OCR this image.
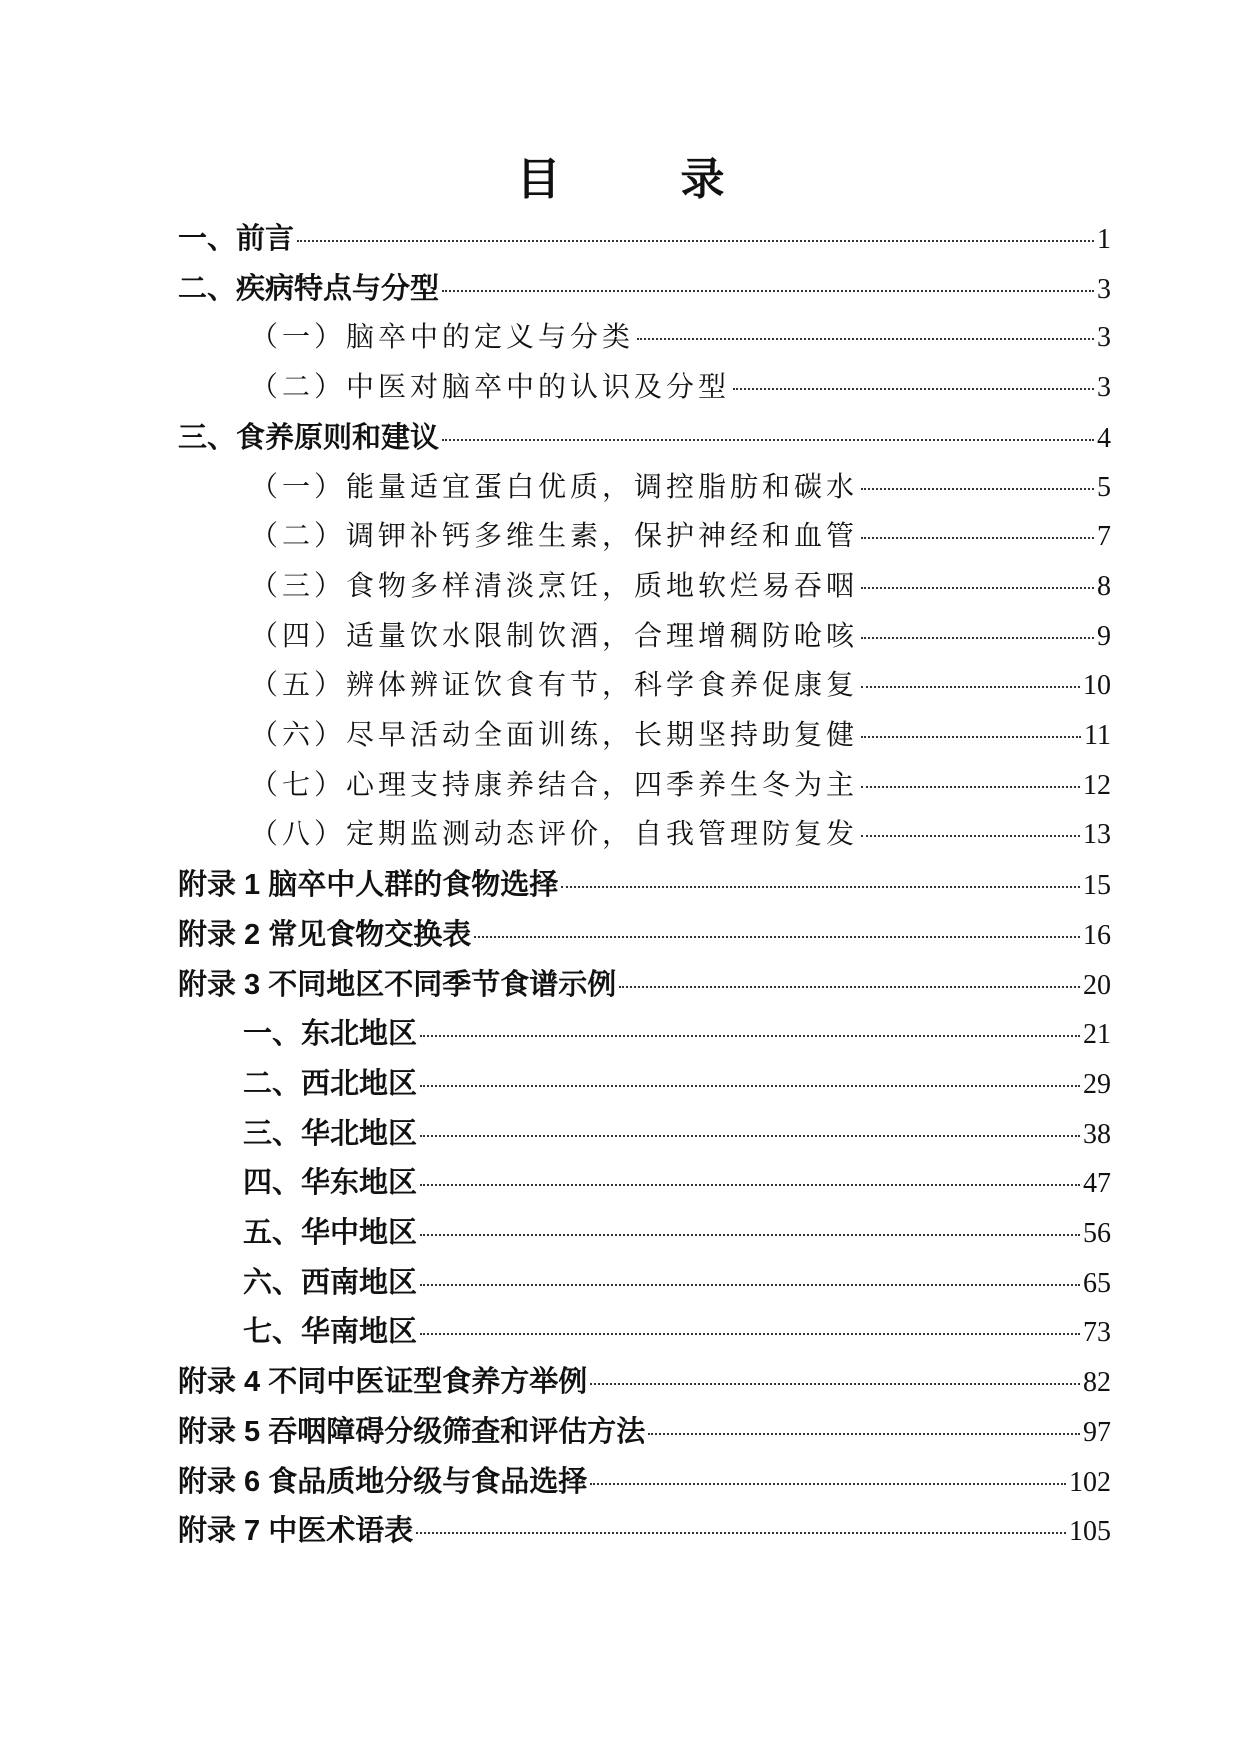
目　录
一、前言	1
二、疾病特点与分型	3
（一）脑卒中的定义与分类	3
（二）中医对脑卒中的认识及分型	3
三、食养原则和建议	4
（一）能量适宜蛋白优质，调控脂肪和碳水	5
（二）调钾补钙多维生素，保护神经和血管	7
（三）食物多样清淡烹饪，质地软烂易吞咽	8
（四）适量饮水限制饮酒，合理增稠防呛咳	9
（五）辨体辨证饮食有节，科学食养促康复	10
（六）尽早活动全面训练，长期坚持助复健	11
（七）心理支持康养结合，四季养生冬为主	12
（八）定期监测动态评价，自我管理防复发	13
附录 1 脑卒中人群的食物选择	15
附录 2 常见食物交换表	16
附录 3 不同地区不同季节食谱示例	20
一、东北地区	21
二、西北地区	29
三、华北地区	38
四、华东地区	47
五、华中地区	56
六、西南地区	65
七、华南地区	73
附录 4 不同中医证型食养方举例	82
附录 5 吞咽障碍分级筛查和评估方法	97
附录 6 食品质地分级与食品选择	102
附录 7 中医术语表	105
